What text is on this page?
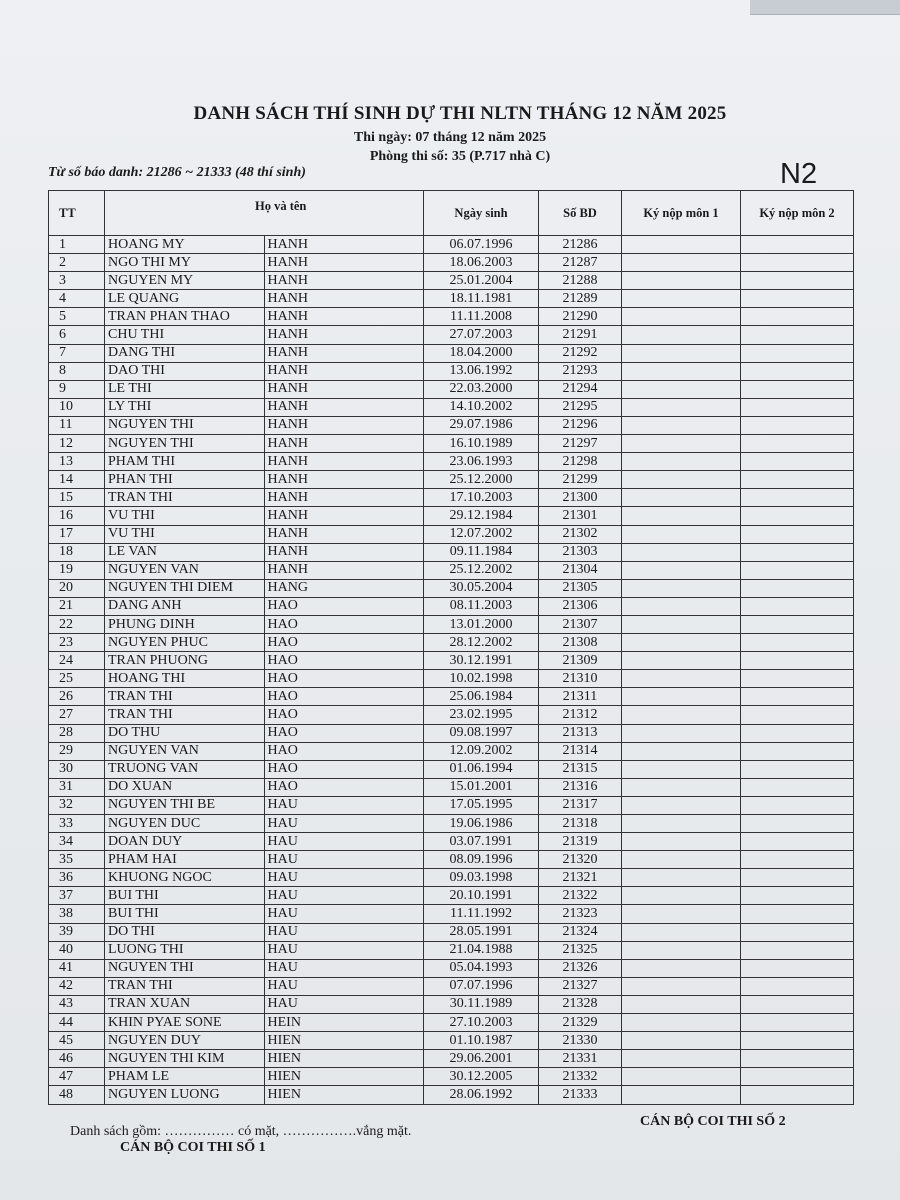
DANH SÁCH THÍ SINH DỰ THI NLTN THÁNG 12 NĂM 2025
Thi ngày: 07 tháng 12 năm 2025
Phòng thi số: 35 (P.717 nhà C)
Từ số báo danh: 21286 ~ 21333 (48 thí sinh)	N2
TT	Họ và tên		Ngày sinh	Số BD	Ký nộp môn 1	Ký nộp môn 2
1	HOANG MY	HANH	06.07.1996	21286		
2	NGO THI MY	HANH	18.06.2003	21287		
3	NGUYEN MY	HANH	25.01.2004	21288		
4	LE QUANG	HANH	18.11.1981	21289		
5	TRAN PHAN THAO	HANH	11.11.2008	21290		
6	CHU THI	HANH	27.07.2003	21291		
7	DANG THI	HANH	18.04.2000	21292		
8	DAO THI	HANH	13.06.1992	21293		
9	LE THI	HANH	22.03.2000	21294		
10	LY THI	HANH	14.10.2002	21295		
11	NGUYEN THI	HANH	29.07.1986	21296		
12	NGUYEN THI	HANH	16.10.1989	21297		
13	PHAM THI	HANH	23.06.1993	21298		
14	PHAN THI	HANH	25.12.2000	21299		
15	TRAN THI	HANH	17.10.2003	21300		
16	VU THI	HANH	29.12.1984	21301		
17	VU THI	HANH	12.07.2002	21302		
18	LE VAN	HANH	09.11.1984	21303		
19	NGUYEN VAN	HANH	25.12.2002	21304		
20	NGUYEN THI DIEM	HANG	30.05.2004	21305		
21	DANG ANH	HAO	08.11.2003	21306		
22	PHUNG DINH	HAO	13.01.2000	21307		
23	NGUYEN PHUC	HAO	28.12.2002	21308		
24	TRAN PHUONG	HAO	30.12.1991	21309		
25	HOANG THI	HAO	10.02.1998	21310		
26	TRAN THI	HAO	25.06.1984	21311		
27	TRAN THI	HAO	23.02.1995	21312		
28	DO THU	HAO	09.08.1997	21313		
29	NGUYEN VAN	HAO	12.09.2002	21314		
30	TRUONG VAN	HAO	01.06.1994	21315		
31	DO XUAN	HAO	15.01.2001	21316		
32	NGUYEN THI BE	HAU	17.05.1995	21317		
33	NGUYEN DUC	HAU	19.06.1986	21318		
34	DOAN DUY	HAU	03.07.1991	21319		
35	PHAM HAI	HAU	08.09.1996	21320		
36	KHUONG NGOC	HAU	09.03.1998	21321		
37	BUI THI	HAU	20.10.1991	21322		
38	BUI THI	HAU	11.11.1992	21323		
39	DO THI	HAU	28.05.1991	21324		
40	LUONG THI	HAU	21.04.1988	21325		
41	NGUYEN THI	HAU	05.04.1993	21326		
42	TRAN THI	HAU	07.07.1996	21327		
43	TRAN XUAN	HAU	30.11.1989	21328		
44	KHIN PYAE SONE	HEIN	27.10.2003	21329		
45	NGUYEN DUY	HIEN	01.10.1987	21330		
46	NGUYEN THI KIM	HIEN	29.06.2001	21331		
47	PHAM LE	HIEN	30.12.2005	21332		
48	NGUYEN LUONG	HIEN	28.06.1992	21333		
Danh sách gồm: …………… có mặt, …………….vắng mặt.
CÁN BỘ COI THI SỐ 2
CÁN BỘ COI THI SỐ 1
